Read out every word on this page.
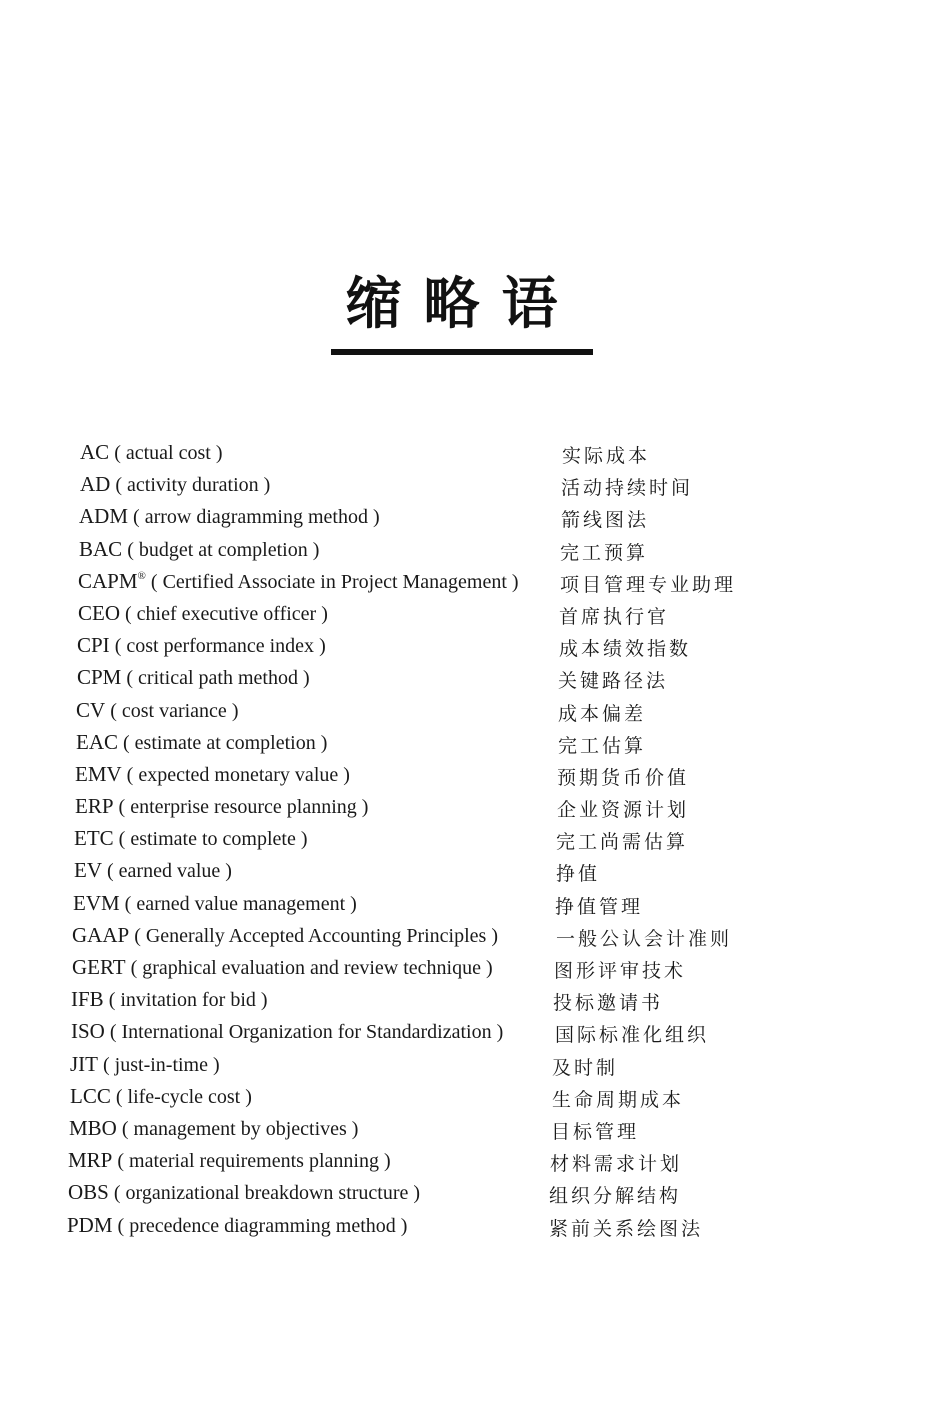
缩略语
AC ( actual cost )	实际成本
AD ( activity duration )	活动持续时间
ADM ( arrow diagramming method )	箭线图法
BAC ( budget at completion )	完工预算
CAPM® ( Certified Associate in Project Management ) 项目管理专业助理
CEO ( chief executive officer )	首席执行官
CPI ( cost performance index )	成本绩效指数
CPM ( critical path method )	关键路径法
CV ( cost variance )	成本偏差
EAC ( estimate at completion )	完工估算
EMV ( expected monetary value )	预期货币价值
ERP ( enterprise resource planning )	企业资源计划
ETC ( estimate to complete )	完工尚需估算
EV ( earned value )	挣值
EVM ( earned value management )	挣值管理
GAAP ( Generally Accepted Accounting Principles )	一般公认会计准则
GERT ( graphical evaluation and review technique )	图形评审技术
IFB ( invitation for bid )	投标邀请书
ISO ( International Organization for Standardization )	国际标准化组织
JIT ( just-in-time )	及时制
LCC ( life-cycle cost )	生命周期成本
MBO ( management by objectives )	目标管理
MRP ( material requirements planning )	材料需求计划
OBS ( organizational breakdown structure )	组织分解结构
PDM ( precedence diagramming method )	紧前关系绘图法
